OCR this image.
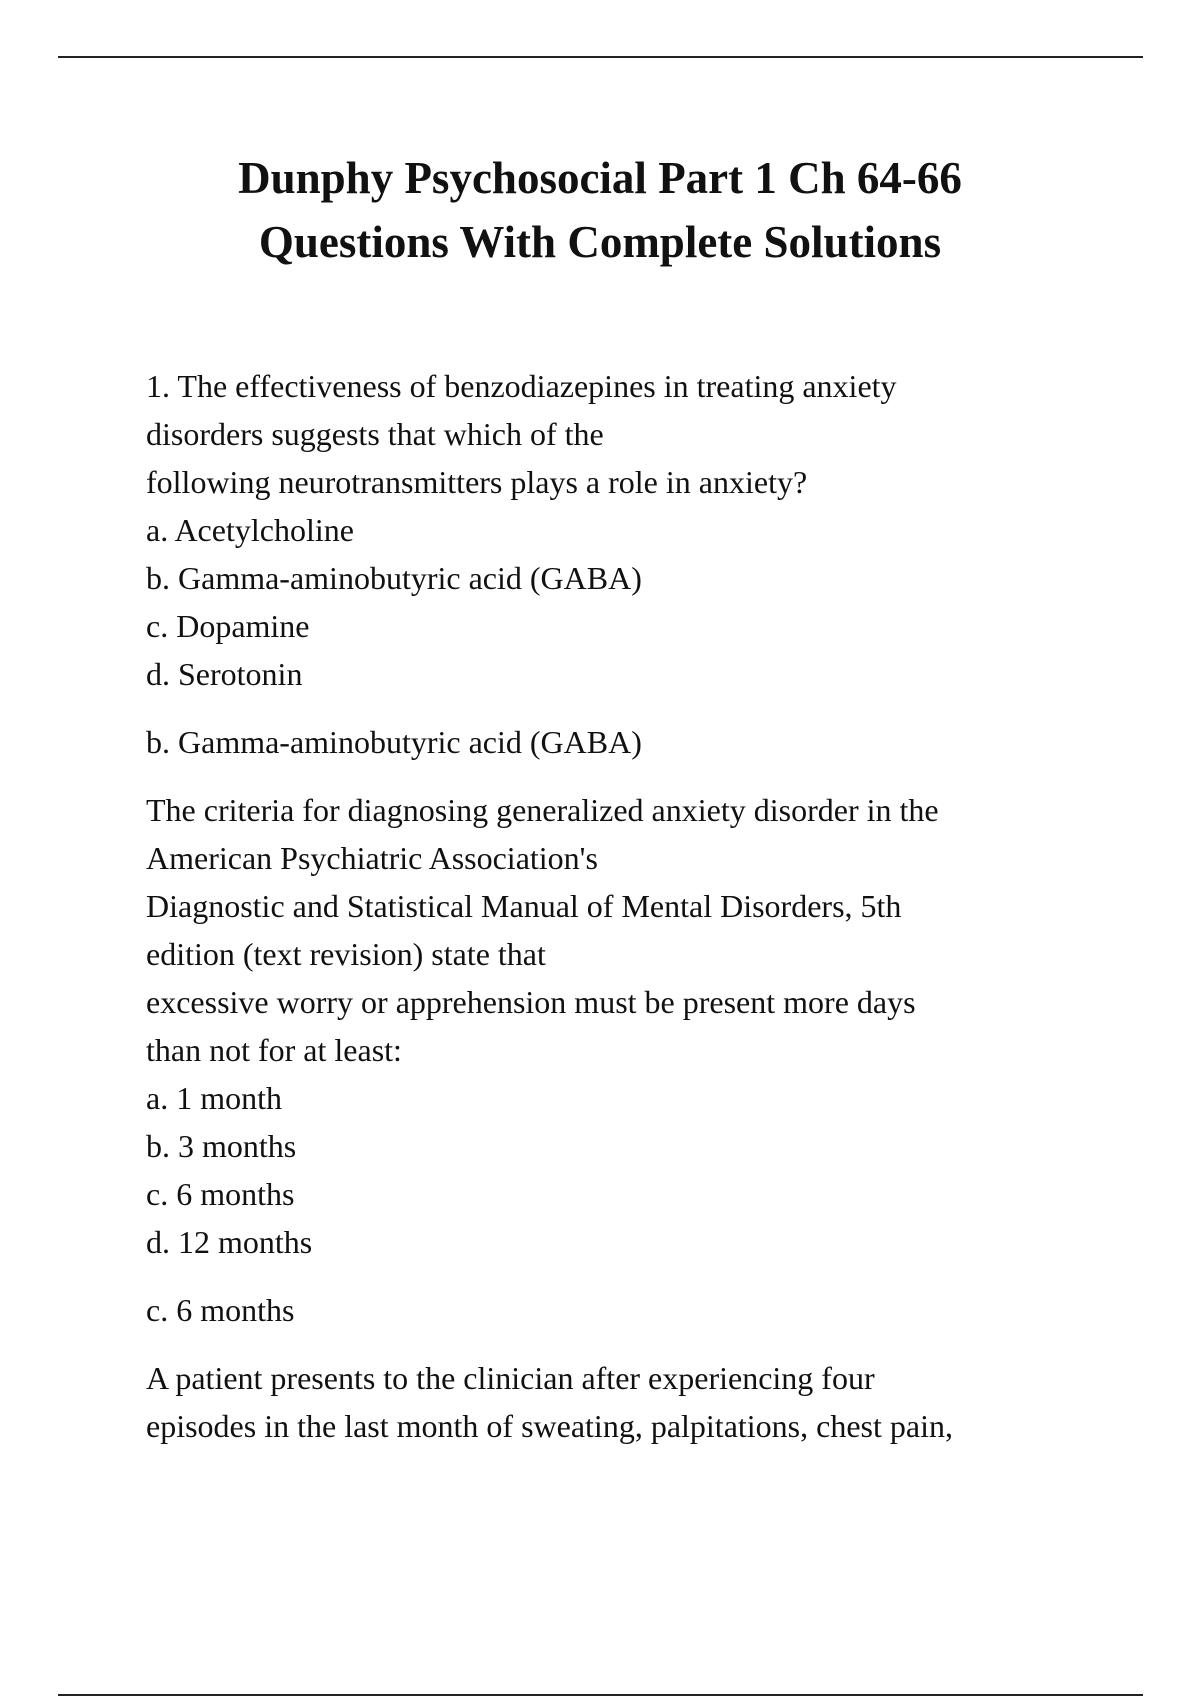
Dunphy Psychosocial Part 1 Ch 64-66
Questions With Complete Solutions
1. The effectiveness of benzodiazepines in treating anxiety
disorders suggests that which of the
following neurotransmitters plays a role in anxiety?
a. Acetylcholine
b. Gamma-aminobutyric acid (GABA)
c. Dopamine
d. Serotonin
b. Gamma-aminobutyric acid (GABA)
The criteria for diagnosing generalized anxiety disorder in the
American Psychiatric Association's
Diagnostic and Statistical Manual of Mental Disorders, 5th
edition (text revision) state that
excessive worry or apprehension must be present more days
than not for at least:
a. 1 month
b. 3 months
c. 6 months
d. 12 months
c. 6 months
A patient presents to the clinician after experiencing four
episodes in the last month of sweating, palpitations, chest pain,
